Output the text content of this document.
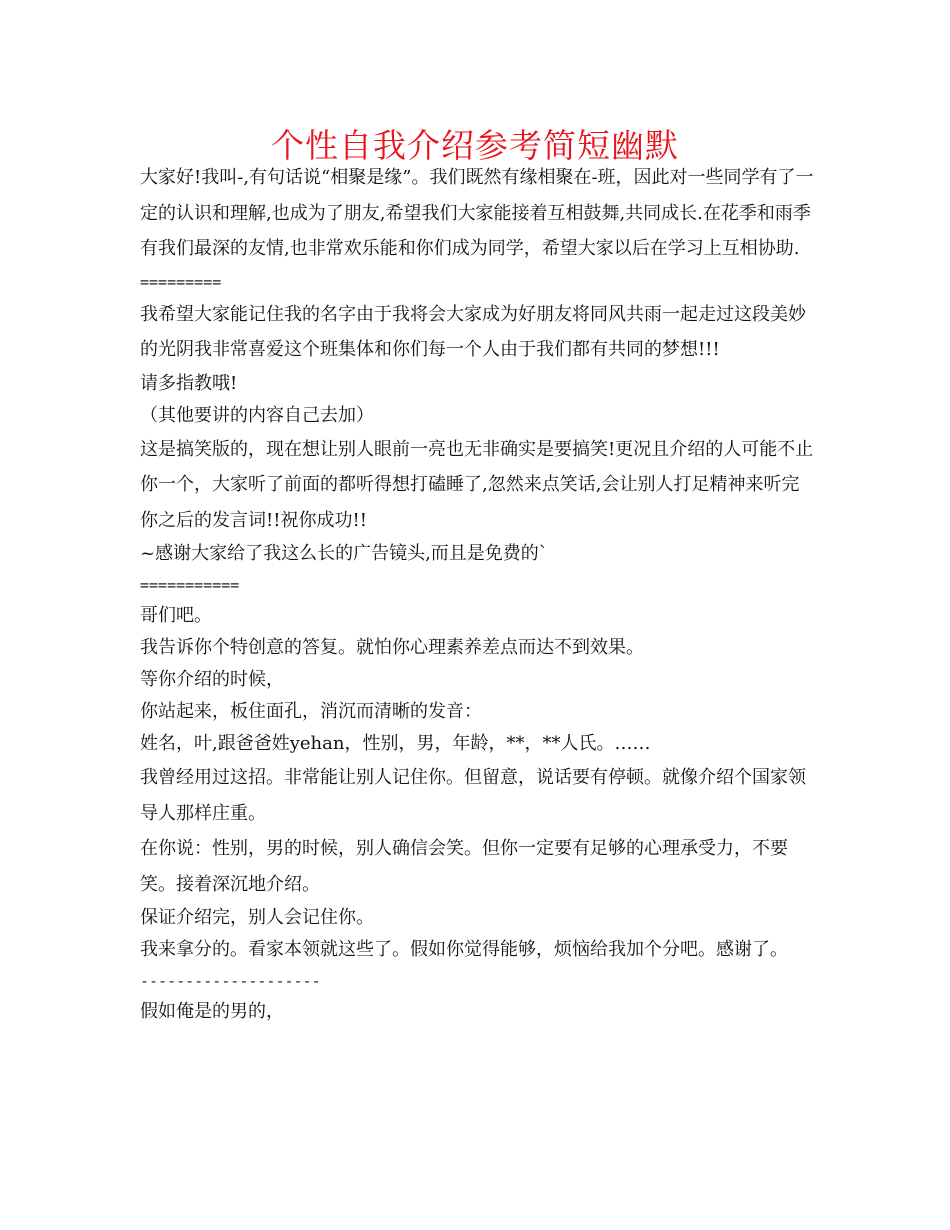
个性自我介绍参考简短幽默

大家好!我叫-,有句话说“相聚是缘”。我们既然有缘相聚在-班，因此对一些同学有了一定的认识和理解,也成为了朋友,希望我们大家能接着互相鼓舞,共同成长.在花季和雨季有我们最深的友情,也非常欢乐能和你们成为同学，希望大家以后在学习上互相协助.

=========

我希望大家能记住我的名字由于我将会大家成为好朋友将同风共雨一起走过这段美妙的光阴我非常喜爱这个班集体和你们每一个人由于我们都有共同的梦想!!!

请多指教哦!

（其他要讲的内容自己去加）

这是搞笑版的，现在想让别人眼前一亮也无非确实是要搞笑!更况且介绍的人可能不止你一个，大家听了前面的都听得想打磕睡了,忽然来点笑话,会让别人打足精神来听完你之后的发言词!!祝你成功!!

~感谢大家给了我这么长的广告镜头,而且是免费的`

===========

哥们吧。

我告诉你个特创意的答复。就怕你心理素养差点而达不到效果。

等你介绍的时候，

你站起来，板住面孔，消沉而清晰的发音：

姓名，叶,跟爸爸姓yehan，性别，男，年龄，**，**人氏。……

我曾经用过这招。非常能让别人记住你。但留意，说话要有停顿。就像介绍个国家领导人那样庄重。

在你说：性别，男的时候，别人确信会笑。但你一定要有足够的心理承受力，不要笑。接着深沉地介绍。

保证介绍完，别人会记住你。

我来拿分的。看家本领就这些了。假如你觉得能够，烦恼给我加个分吧。感谢了。

--------------------

假如俺是的男的，
